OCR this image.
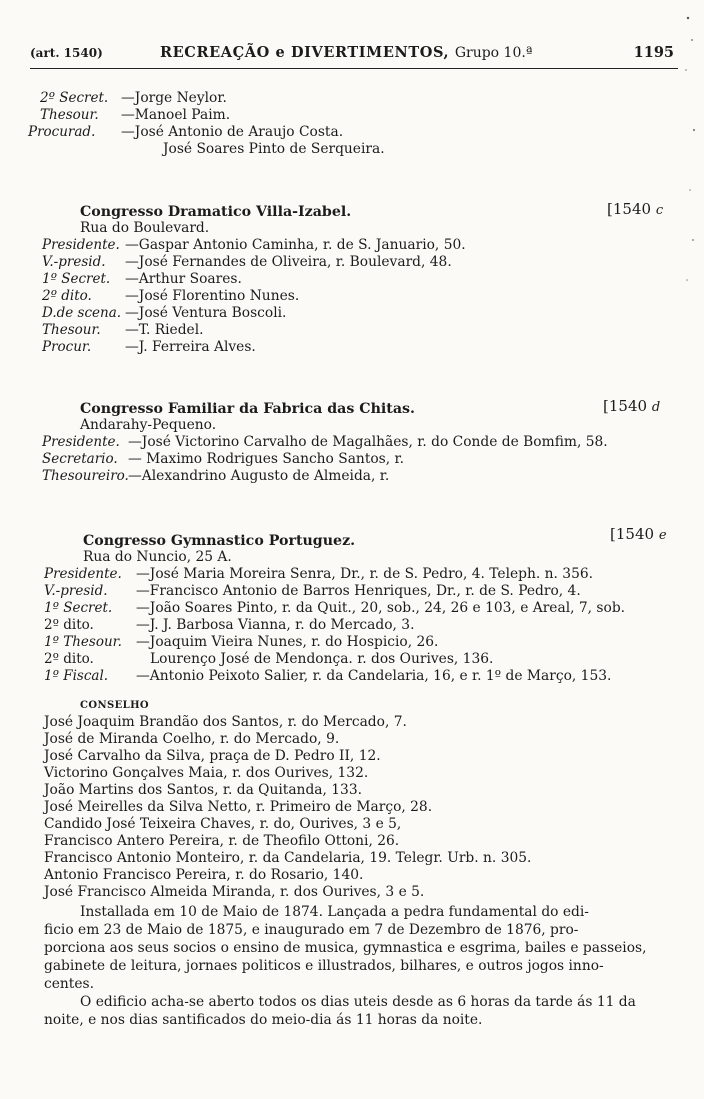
(art. 1540)	RECREAÇÃO e DIVERTIMENTOS, Grupo 10.ª	1195
2º Secret. —Jorge Neylor.
Thesour. —Manoel Paim.
Procurad. —José Antonio de Araujo Costa.
José Soares Pinto de Serqueira.
Congresso Dramatico Villa-Izabel.	[1540 c
Rua do Boulevard.
Presidente. —Gaspar Antonio Caminha, r. de S. Januario, 50.
V.-presid. —José Fernandes de Oliveira, r. Boulevard, 48.
1º Secret. —Arthur Soares.
2º dito. —José Florentino Nunes.
D.de scena. —José Ventura Boscoli.
Thesour. —T. Riedel.
Procur. —J. Ferreira Alves.
Congresso Familiar da Fabrica das Chitas.	[1540 d
Andarahy-Pequeno.
Presidente. —José Victorino Carvalho de Magalhães, r. do Conde de Bomfim, 58.
Secretario. — Maximo Rodrigues Sancho Santos, r.
Thesoureiro. —Alexandrino Augusto de Almeida, r.
Congresso Gymnastico Portuguez.	[1540 e
Rua do Nuncio, 25 A.
Presidente. —José Maria Moreira Senra, Dr., r. de S. Pedro, 4. Teleph. n. 356.
V.-presid. —Francisco Antonio de Barros Henriques, Dr., r. de S. Pedro, 4.
1º Secret. —João Soares Pinto, r. da Quit., 20, sob., 24, 26 e 103, e Areal, 7, sob.
2º dito.	—J. J. Barbosa Vianna, r. do Mercado, 3.
1º Thesour. —Joaquim Vieira Nunes, r. do Hospicio, 26.
2º dito.	Lourenço José de Mendonça. r. dos Ourives, 136.
1º Fiscal. —Antonio Peixoto Salier, r. da Candelaria, 16, e r. 1º de Março, 153.
CONSELHO
José Joaquim Brandão dos Santos, r. do Mercado, 7.
José de Miranda Coelho, r. do Mercado, 9.
José Carvalho da Silva, praça de D. Pedro II, 12.
Victorino Gonçalves Maia, r. dos Ourives, 132.
João Martins dos Santos, r. da Quitanda, 133.
José Meirelles da Silva Netto, r. Primeiro de Março, 28.
Candido José Teixeira Chaves, r. do, Ourives, 3 e 5,
Francisco Antero Pereira, r. de Theofilo Ottoni, 26.
Francisco Antonio Monteiro, r. da Candelaria, 19. Telegr. Urb. n. 305.
Antonio Francisco Pereira, r. do Rosario, 140.
José Francisco Almeida Miranda, r. dos Ourives, 3 e 5.
Installada em 10 de Maio de 1874. Lançada a pedra fundamental do edi-
ficio em 23 de Maio de 1875, e inaugurado em 7 de Dezembro de 1876, pro-
porciona aos seus socios o ensino de musica, gymnastica e esgrima, bailes e passeios,
gabinete de leitura, jornaes politicos e illustrados, bilhares, e outros jogos inno-
centes.
O edificio acha-se aberto todos os dias uteis desde as 6 horas da tarde ás 11 da
noite, e nos dias santificados do meio-dia ás 11 horas da noite.
